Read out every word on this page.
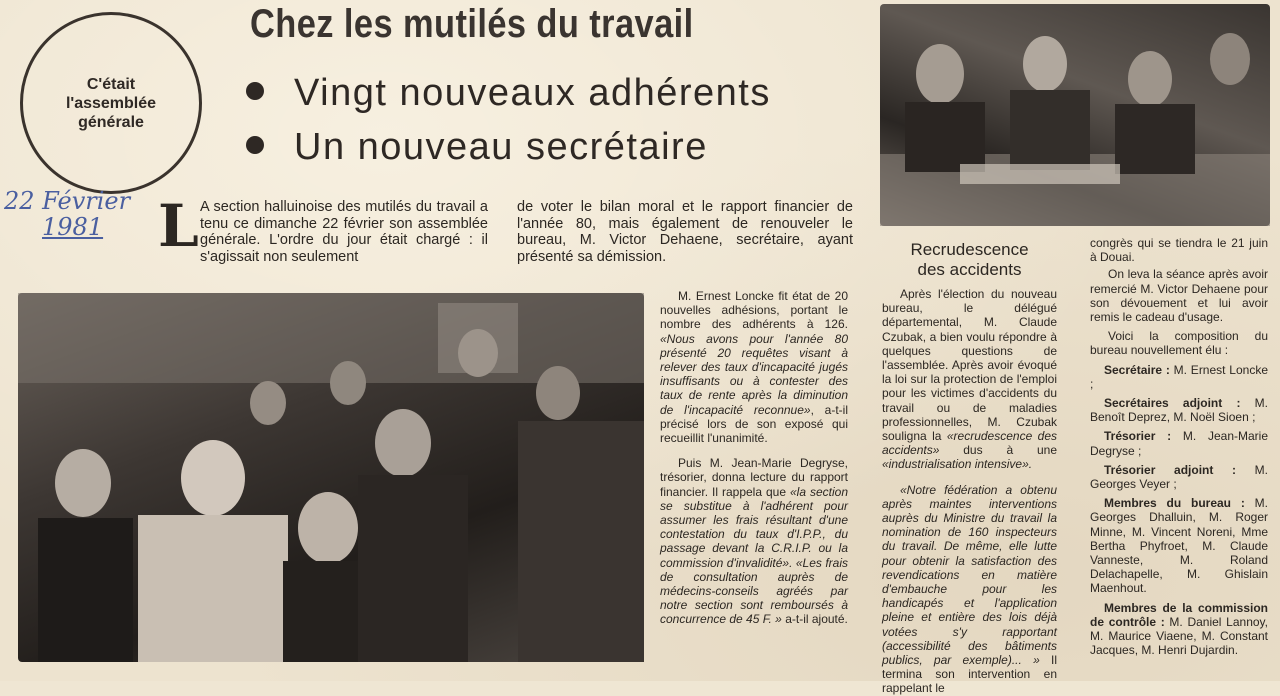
Chez les mutilés du travail
C'était
l'assemblée
générale
Vingt nouveaux adhérents
Un nouveau secrétaire
22 Février
1981 L A section halluinoise des mutilés du travail a tenu ce dimanche 22 février son assemblée générale. L'ordre du jour était chargé : il s'agissait non seulement
de voter le bilan moral et le rapport financier de l'année 80, mais également de renouveler le bureau, M. Victor Dehaene, secrétaire, ayant présenté sa démission.

M. Ernest Loncke fit état de 20 nouvelles adhésions, portant le nombre des adhérents à 126. «Nous avons pour l'année 80 présenté 20 requêtes visant à relever des taux d'incapacité jugés insuffisants ou à contester des taux de rente après la diminution de l'incapacité reconnue», a-t-il précisé lors de son exposé qui recueillit l'unanimité.

Puis M. Jean-Marie Degryse, trésorier, donna lecture du rapport financier. Il rappela que «la section se substitue à l'adhérent pour assumer les frais résultant d'une contestation du taux d'I.P.P., du passage devant la C.R.I.P. ou la commission d'invalidité». «Les frais de consultation auprès de médecins-conseils agréés par notre section sont remboursés à concurrence de 45 F. » a-t-il ajouté.

Recrudescence
des accidents

Après l'élection du nouveau bureau, le délégué départemental, M. Claude Czubak, a bien voulu répondre à quelques questions de l'assemblée. Après avoir évoqué la loi sur la protection de l'emploi pour les victimes d'accidents du travail ou de maladies professionnelles, M. Czubak souligna la «recrudescence des accidents» dus à une «industrialisation intensive».

«Notre fédération a obtenu après maintes interventions auprès du Ministre du travail la nomination de 160 inspecteurs du travail. De même, elle lutte pour obtenir la satisfaction des revendications en matière d'embauche pour les handicapés et l'application pleine et entière des lois déjà votées s'y rapportant (accessibilité des bâtiments publics, par exemple)... » Il termina son intervention en rappelant le

congrès qui se tiendra le 21 juin à Douai.

On leva la séance après avoir remercié M. Victor Dehaene pour son dévouement et lui avoir remis le cadeau d'usage.

Voici la composition du bureau nouvellement élu :

Secrétaire : M. Ernest Loncke ;

Secrétaires adjoint : M. Benoît Deprez, M. Noël Sioen ;

Trésorier : M. Jean-Marie Degryse ;

Trésorier adjoint : M. Georges Veyer ;

Membres du bureau : M. Georges Dhalluin, M. Roger Minne, M. Vincent Noreni, Mme Bertha Phyfroet, M. Claude Vanneste, M. Roland Delachapelle, M. Ghislain Maenhout.

Membres de la commission de contrôle : M. Daniel Lannoy, M. Maurice Viaene, M. Constant Jacques, M. Henri Dujardin.
